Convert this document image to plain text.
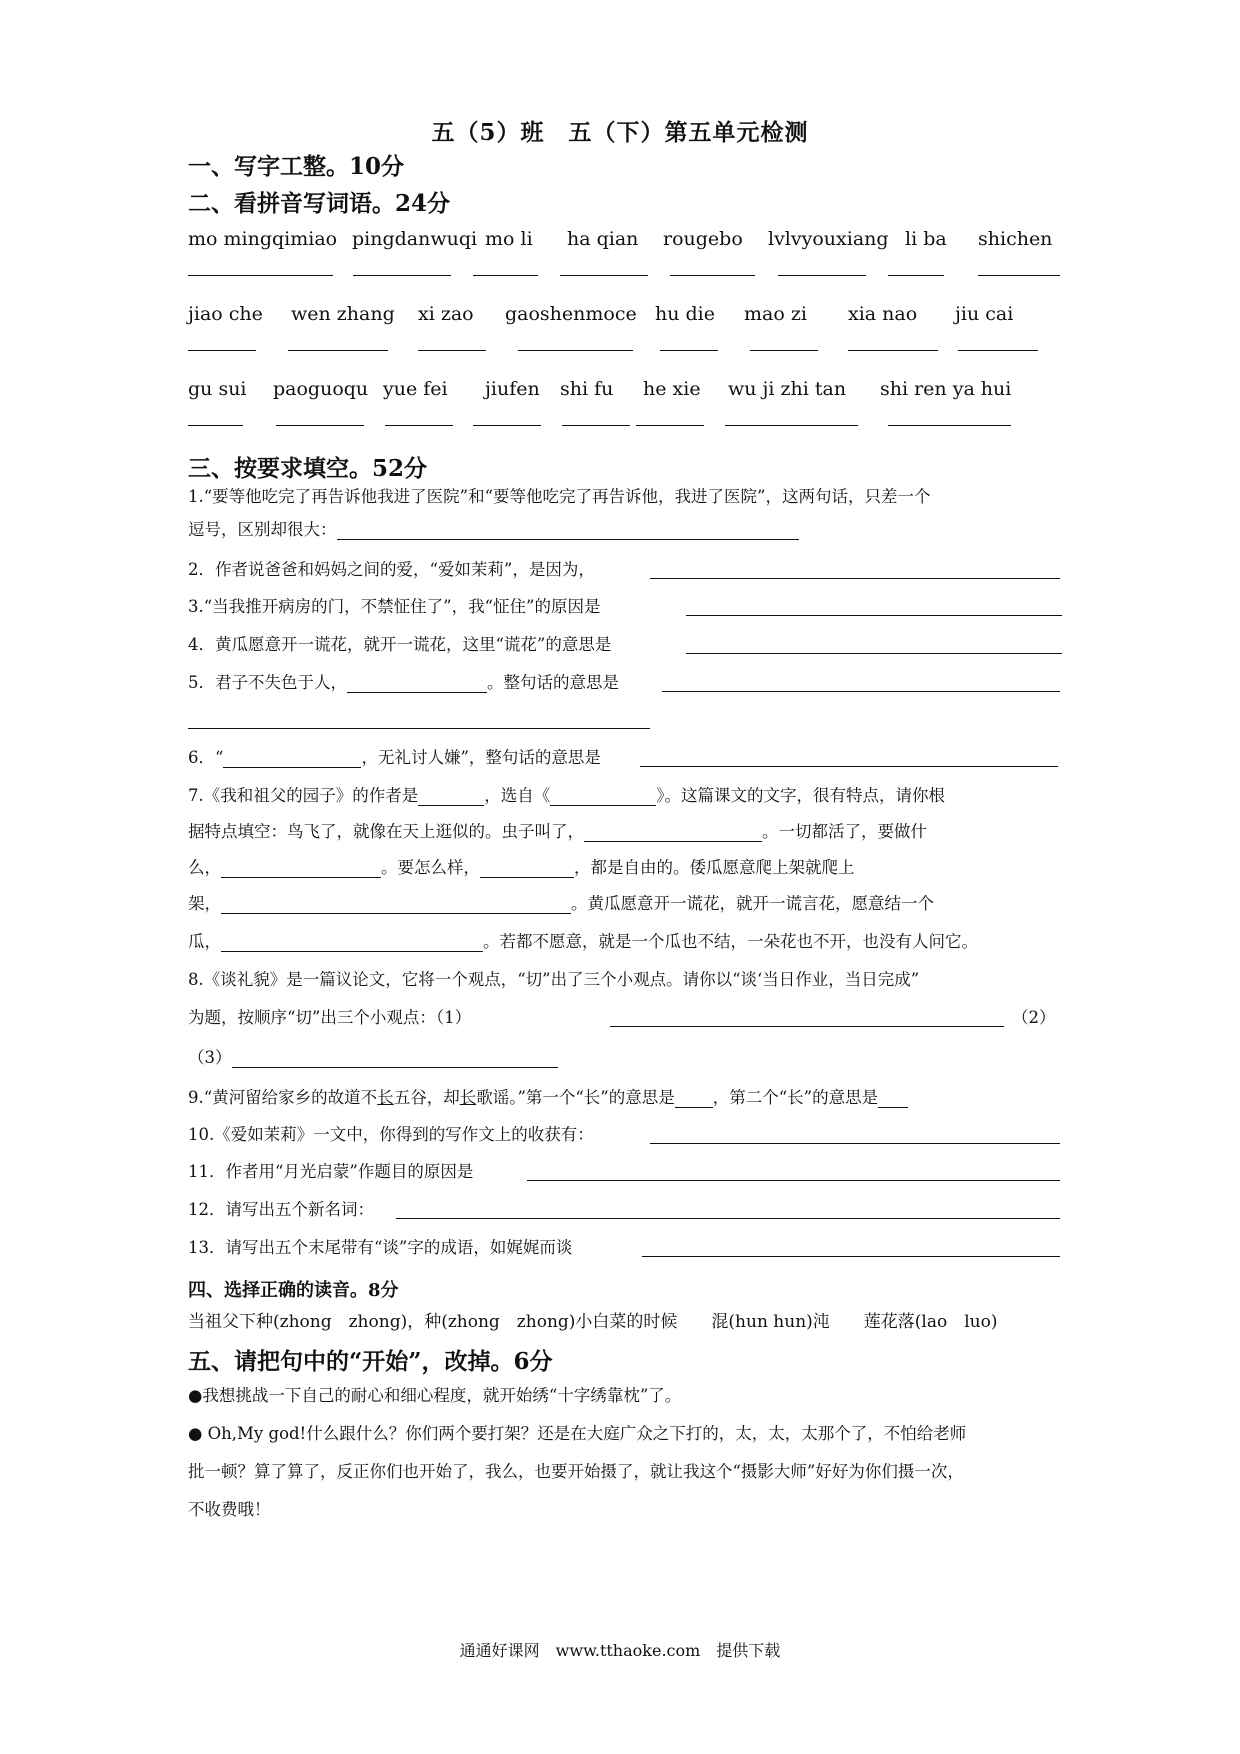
五（5）班　五（下）第五单元检测
一、写字工整。10分
二、看拼音写词语。24分
mo mingqimiao pingdanwuqi mo li ha qian rougebo lvlvyouxiang li ba shichen
jiao che wen zhang xi zao gaoshenmoce hu die mao zi xia nao jiu cai
gu sui paoguoqu yue fei jiufen shi fu he xie wu ji zhi tan shi ren ya hui
三、按要求填空。52分
1.“要等他吃完了再告诉他我进了医院”和“要等他吃完了再告诉他，我进了医院”，这两句话，只差一个
逗号，区别却很大：
2．作者说爸爸和妈妈之间的爱，“爱如茉莉”，是因为，
3.“当我推开病房的门，不禁怔住了”，我“怔住”的原因是
4．黄瓜愿意开一谎花，就开一谎花，这里“谎花”的意思是
5．君子不失色于人，	。整句话的意思是
6．“	，无礼讨人嫌”，整句话的意思是
7.《我和祖父的园子》的作者是	，选自《	》。这篇课文的文字，很有特点，请你根
据特点填空：鸟飞了，就像在天上逛似的。虫子叫了，	。一切都活了，要做什
么，	。要怎么样，	，都是自由的。倭瓜愿意爬上架就爬上
架，	。黄瓜愿意开一谎花，就开一谎言花，愿意结一个
瓜，	。若都不愿意，就是一个瓜也不结，一朵花也不开，也没有人问它。
8.《谈礼貌》是一篇议论文，它将一个观点，“切”出了三个小观点。请你以“谈‘当日作业，当日完成”
为题，按顺序“切”出三个小观点：（1）	（2）
（3）
9.“黄河留给家乡的故道不长五谷，却长歌谣。”第一个“长”的意思是 ，第二个“长”的意思是
10.《爱如茉莉》一文中，你得到的写作文上的收获有：
11．作者用“月光启蒙”作题目的原因是
12．请写出五个新名词：
13．请写出五个末尾带有“谈”字的成语，如娓娓而谈
四、选择正确的读音。8分
当祖父下种(zhong　zhong)，种(zhong　zhong)小白菜的时候　　混(hun hun)沌　　莲花落(lao　luo)
五、请把句中的“开始”，改掉。6分
●我想挑战一下自己的耐心和细心程度，就开始绣“十字绣靠枕”了。
● Oh,My god!什么跟什么？你们两个要打架？还是在大庭广众之下打的，太，太，太那个了，不怕给老师
批一顿？算了算了，反正你们也开始了，我么，也要开始摄了，就让我这个“摄影大师”好好为你们摄一次，
不收费哦！
通通好课网　www.tthaoke.com　提供下载
